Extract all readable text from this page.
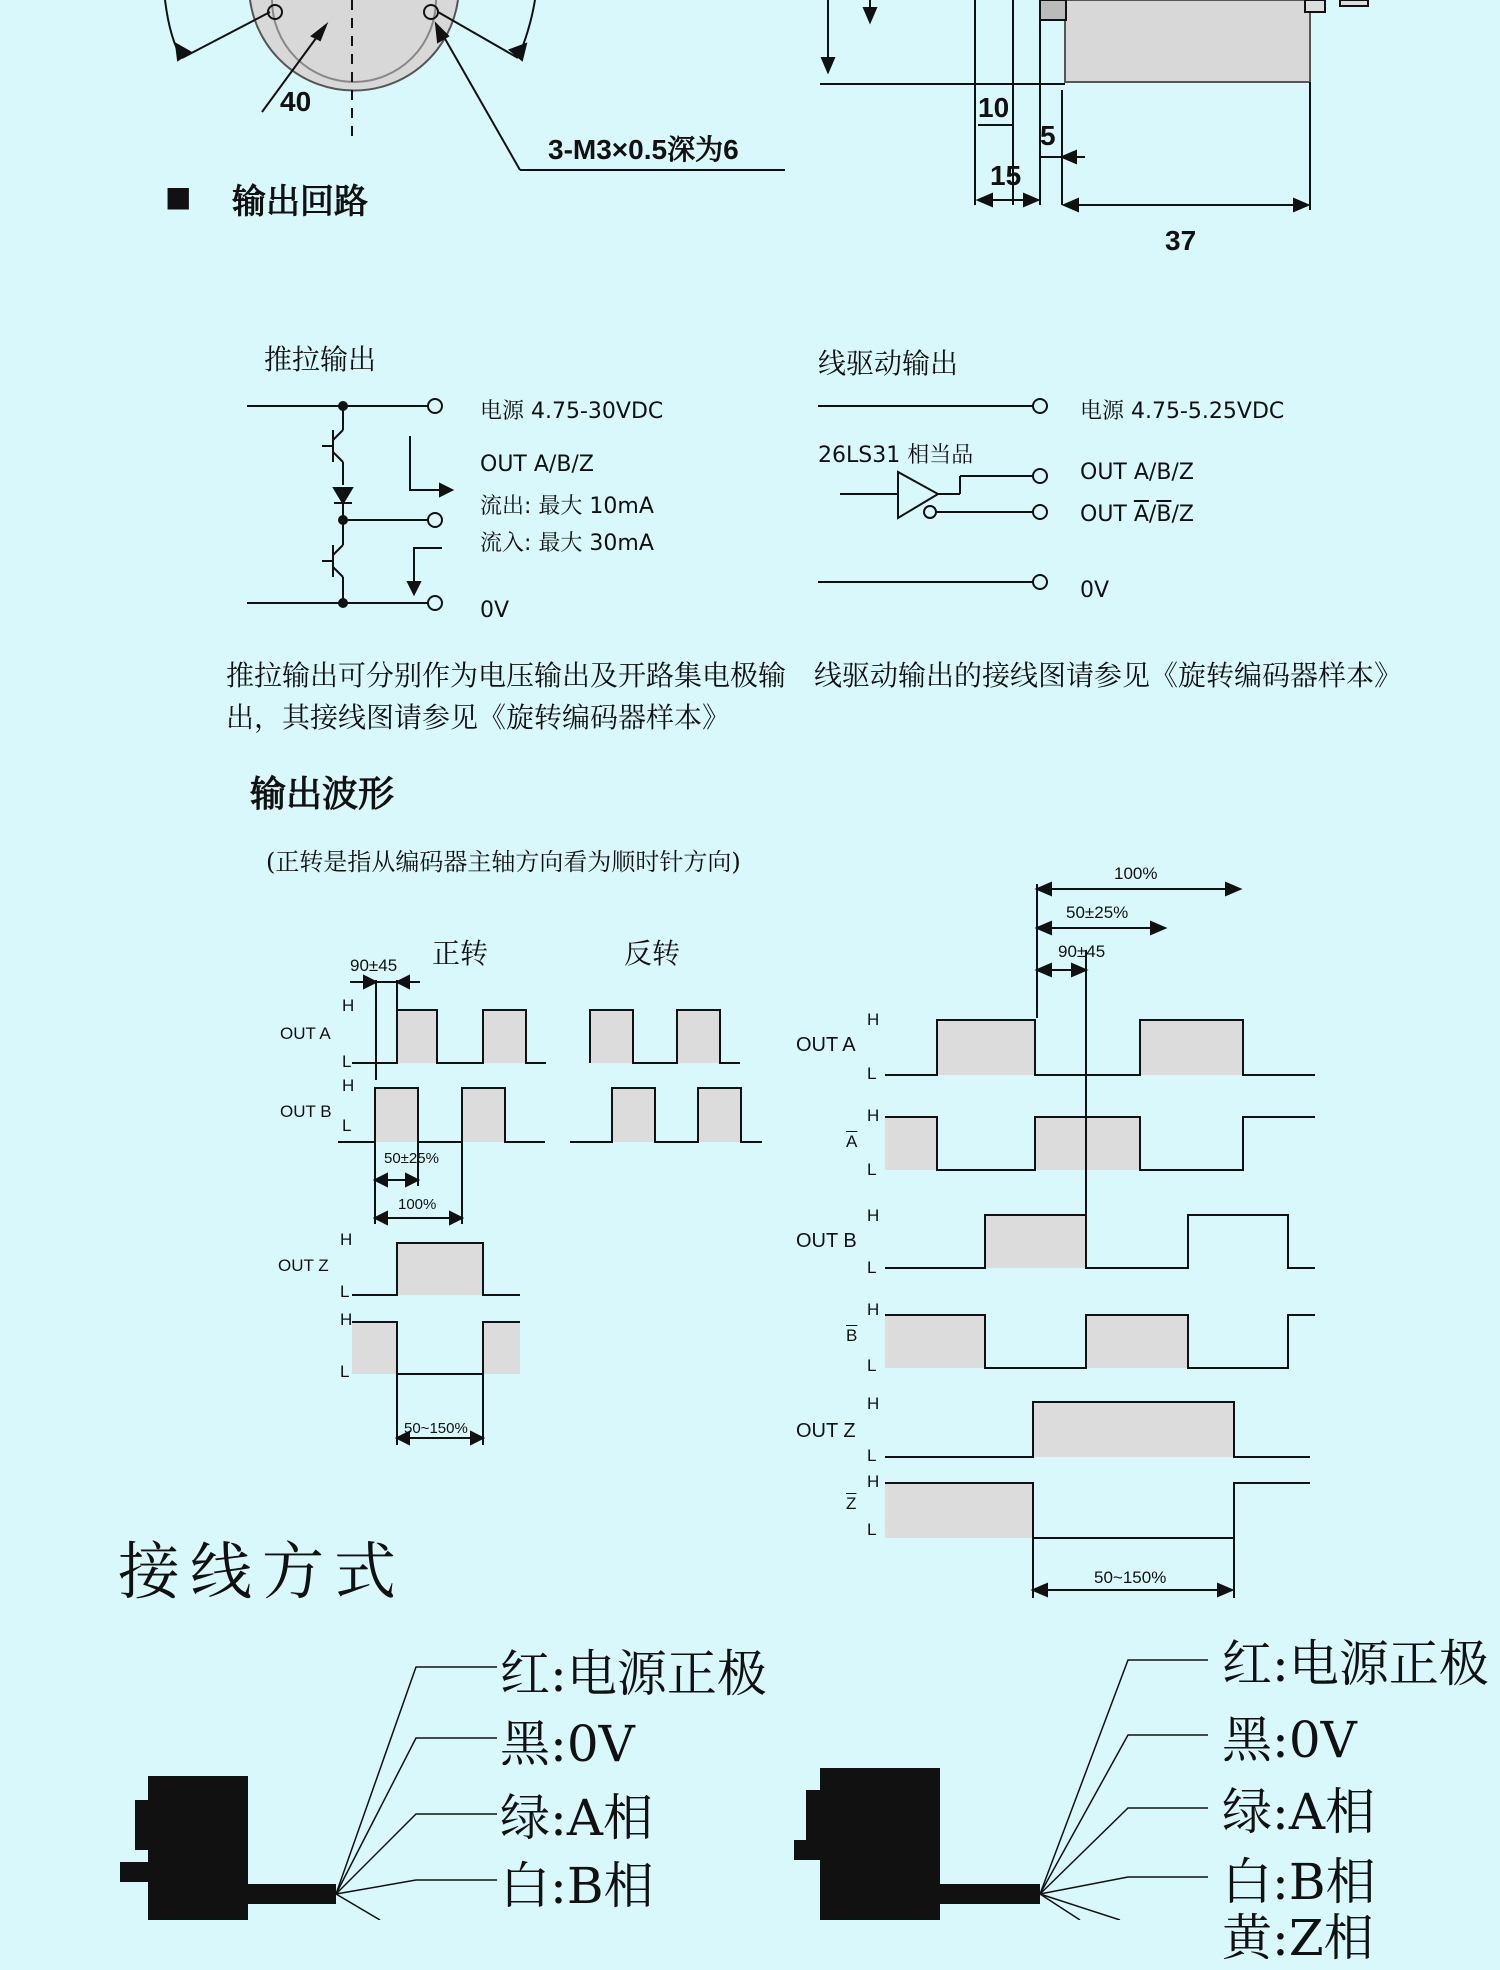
40
3-M3×0.5深为6
10
5
15
37
■ 输出回路
推拉输出	线驱动输出
电源 4.75-30VDC
OUT A/B/Z
流出: 最大 10mA
流入: 最大 30mA
0V
推拉输出可分别作为电压输出及开路集电极输
出，其接线图请参见《旋转编码器样本》
电源 4.75-5.25VDC
26LS31 相当品
OUT A/B/Z
OUT $\overline{A}/\overline{B}/Z$
0V
线驱动输出的接线图请参见《旋转编码器样本》
输出波形
(正转是指从编码器主轴方向看为顺时针方向)
正转	反转
90±45
OUT A
H
L
OUT B
H
L
50±25%
100%
OUT Z
H
L
H
L
50~150%
100%
50±25%
90±45
OUT A
H
L
$\overline{A}$
H
L
OUT B
H
L
$\overline{B}$
H
L
OUT Z
H
L
$\overline{Z}$
H
L
50~150%
接线方式
红:电源正极
黑:0V
绿:A相
白:B相
红:电源正极
黑:0V
绿:A相
白:B相
黄:Z相
